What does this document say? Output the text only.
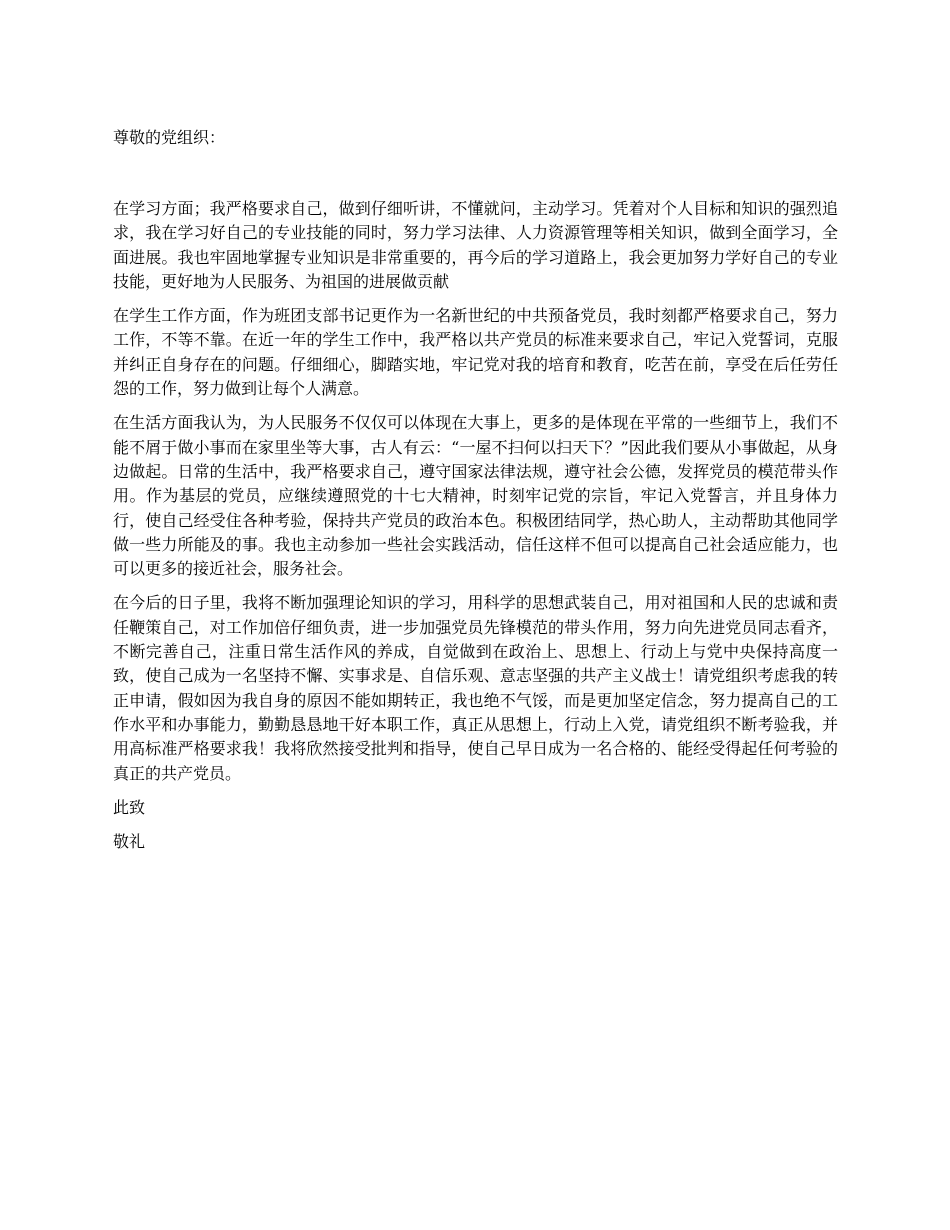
尊敬的党组织：

在学习方面；我严格要求自己，做到仔细听讲，不懂就问，主动学习。凭着对个人目标和知识的强烈追求，我在学习好自己的专业技能的同时，努力学习法律、人力资源管理等相关知识，做到全面学习，全面进展。我也牢固地掌握专业知识是非常重要的，再今后的学习道路上，我会更加努力学好自己的专业技能，更好地为人民服务、为祖国的进展做贡献

在学生工作方面，作为班团支部书记更作为一名新世纪的中共预备党员，我时刻都严格要求自己，努力工作，不等不靠。在近一年的学生工作中，我严格以共产党员的标准来要求自己，牢记入党誓词，克服并纠正自身存在的问题。仔细细心，脚踏实地，牢记党对我的培育和教育，吃苦在前，享受在后任劳任怨的工作，努力做到让每个人满意。

在生活方面我认为，为人民服务不仅仅可以体现在大事上，更多的是体现在平常的一些细节上，我们不能不屑于做小事而在家里坐等大事，古人有云：“一屋不扫何以扫天下？”因此我们要从小事做起，从身边做起。日常的生活中，我严格要求自己，遵守国家法律法规，遵守社会公德，发挥党员的模范带头作用。作为基层的党员，应继续遵照党的十七大精神，时刻牢记党的宗旨，牢记入党誓言，并且身体力行，使自己经受住各种考验，保持共产党员的政治本色。积极团结同学，热心助人，主动帮助其他同学做一些力所能及的事。我也主动参加一些社会实践活动，信任这样不但可以提高自己社会适应能力，也可以更多的接近社会，服务社会。

在今后的日子里，我将不断加强理论知识的学习，用科学的思想武装自己，用对祖国和人民的忠诚和责任鞭策自己，对工作加倍仔细负责，进一步加强党员先锋模范的带头作用，努力向先进党员同志看齐，不断完善自己，注重日常生活作风的养成，自觉做到在政治上、思想上、行动上与党中央保持高度一致，使自己成为一名坚持不懈、实事求是、自信乐观、意志坚强的共产主义战士！请党组织考虑我的转正申请，假如因为我自身的原因不能如期转正，我也绝不气馁，而是更加坚定信念，努力提高自己的工作水平和办事能力，勤勤恳恳地干好本职工作，真正从思想上，行动上入党，请党组织不断考验我，并用高标准严格要求我！我将欣然接受批判和指导，使自己早日成为一名合格的、能经受得起任何考验的真正的共产党员。

此致

敬礼
